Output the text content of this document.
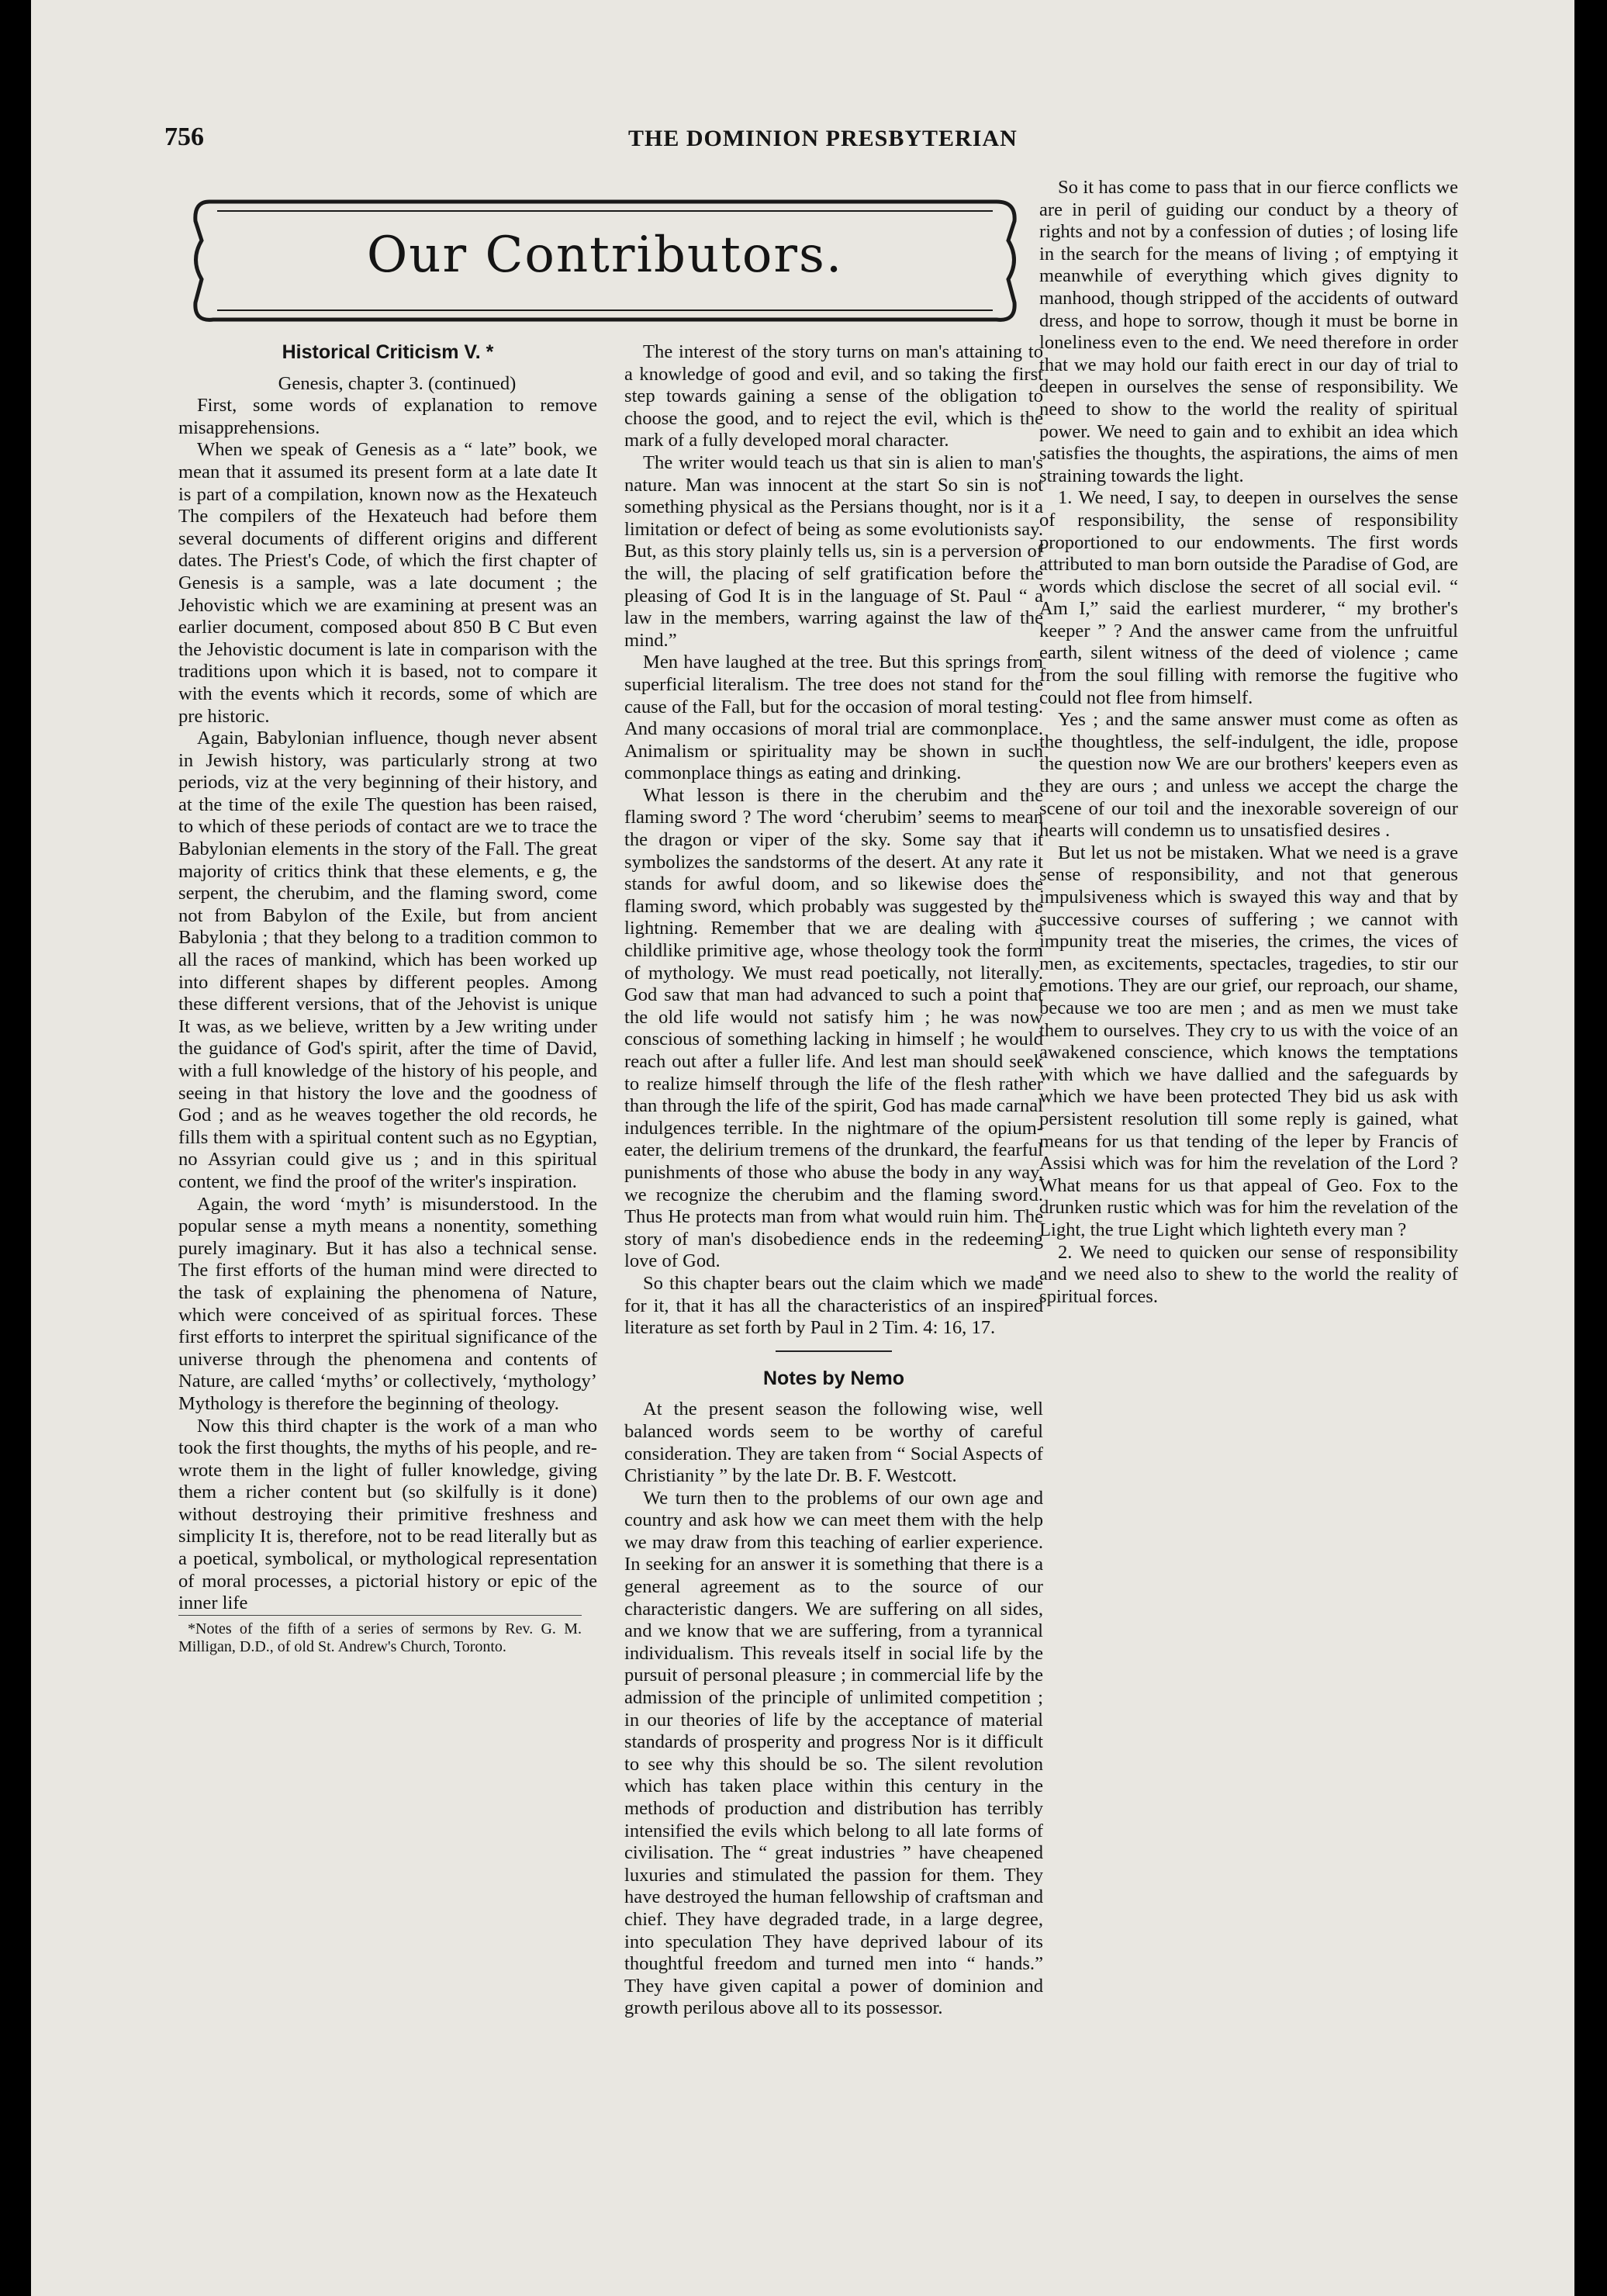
756	THE DOMINION PRESBYTERIAN
Our Contributors.
Historical Criticism V. *

Genesis, chapter 3. (continued)

First, some words of explanation to remove misapprehensions.

When we speak of Genesis as a “ late” book, we mean that it assumed its present form at a late date It is part of a compilation, known now as the Hexateuch The compilers of the Hexateuch had before them several documents of different origins and different dates. The Priest's Code, of which the first chapter of Genesis is a sample, was a late document ; the Jehovistic which we are examining at present was an earlier document, composed about 850 B C But even the Jehovistic document is late in comparison with the traditions upon which it is based, not to compare it with the events which it records, some of which are pre historic.

Again, Babylonian influence, though never absent in Jewish history, was particularly strong at two periods, viz at the very beginning of their history, and at the time of the exile The question has been raised, to which of these periods of contact are we to trace the Babylonian elements in the story of the Fall. The great majority of critics think that these elements, e g, the serpent, the cherubim, and the flaming sword, come not from Babylon of the Exile, but from ancient Babylonia ; that they belong to a tradition common to all the races of mankind, which has been worked up into different shapes by different peoples. Among these different versions, that of the Jehovist is unique It was, as we believe, written by a Jew writing under the guidance of God's spirit, after the time of David, with a full knowledge of the history of his people, and seeing in that history the love and the goodness of God ; and as he weaves together the old records, he fills them with a spiritual content such as no Egyptian, no Assyrian could give us ; and in this spiritual content, we find the proof of the writer's inspiration.

Again, the word ‘myth’ is misunderstood. In the popular sense a myth means a nonentity, something purely imaginary. But it has also a technical sense. The first efforts of the human mind were directed to the task of explaining the phenomena of Nature, which were conceived of as spiritual forces. These first efforts to interpret the spiritual significance of the universe through the phenomena and contents of Nature, are called ‘myths’ or collectively, ‘mythology’ Mythology is therefore the beginning of theology.

Now this third chapter is the work of a man who took the first thoughts, the myths of his people, and re-wrote them in the light of fuller knowledge, giving them a richer content but (so skilfully is it done) without destroying their primitive freshness and simplicity It is, therefore, not to be read literally but as a poetical, symbolical, or mythological representation of moral processes, a pictorial history or epic of the inner life

*Notes of the fifth of a series of sermons by Rev. G. M. Milligan, D.D., of old St. Andrew's Church, Toronto.

The interest of the story turns on man's attaining to a knowledge of good and evil, and so taking the first step towards gaining a sense of the obligation to choose the good, and to reject the evil, which is the mark of a fully developed moral character.

The writer would teach us that sin is alien to man's nature. Man was innocent at the start So sin is not something physical as the Persians thought, nor is it a limitation or defect of being as some evolutionists say. But, as this story plainly tells us, sin is a perversion of the will, the placing of self gratification before the pleasing of God It is in the language of St. Paul “ a law in the members, warring against the law of the mind.”

Men have laughed at the tree. But this springs from superficial literalism. The tree does not stand for the cause of the Fall, but for the occasion of moral testing. And many occasions of moral trial are commonplace. Animalism or spirituality may be shown in such commonplace things as eating and drinking.

What lesson is there in the cherubim and the flaming sword ? The word ‘cherubim’ seems to mean the dragon or viper of the sky. Some say that it symbolizes the sandstorms of the desert. At any rate it stands for awful doom, and so likewise does the flaming sword, which probably was suggested by the lightning. Remember that we are dealing with a childlike primitive age, whose theology took the form of mythology. We must read poetically, not literally. God saw that man had advanced to such a point that the old life would not satisfy him ; he was now conscious of something lacking in himself ; he would reach out after a fuller life. And lest man should seek to realize himself through the life of the flesh rather than through the life of the spirit, God has made carnal indulgences terrible. In the nightmare of the opium-eater, the delirium tremens of the drunkard, the fearful punishments of those who abuse the body in any way, we recognize the cherubim and the flaming sword. Thus He protects man from what would ruin him. The story of man's disobedience ends in the redeeming love of God.

So this chapter bears out the claim which we made for it, that it has all the characteristics of an inspired literature as set forth by Paul in 2 Tim. 4: 16, 17.

Notes by Nemo

At the present season the following wise, well balanced words seem to be worthy of careful consideration. They are taken from “ Social Aspects of Christianity ” by the late Dr. B. F. Westcott.

We turn then to the problems of our own age and country and ask how we can meet them with the help we may draw from this teaching of earlier experience. In seeking for an answer it is something that there is a general agreement as to the source of our characteristic dangers. We are suffering on all sides, and we know that we are suffering, from a tyrannical individualism. This reveals itself in social life by the pursuit of personal pleasure ; in commercial life by the admission of the principle of unlimited competition ; in our theories of life by the acceptance of material standards of prosperity and progress Nor is it difficult to see why this should be so. The silent revolution which has taken place within this century in the methods of production and distribution has terribly intensified the evils which belong to all late forms of civilisation. The “ great industries ” have cheapened luxuries and stimulated the passion for them. They have destroyed the human fellowship of craftsman and chief. They have degraded trade, in a large degree, into speculation They have deprived labour of its thoughtful freedom and turned men into “ hands.” They have given capital a power of dominion and growth perilous above all to its possessor.

So it has come to pass that in our fierce conflicts we are in peril of guiding our conduct by a theory of rights and not by a confession of duties ; of losing life in the search for the means of living ; of emptying it meanwhile of everything which gives dignity to manhood, though stripped of the accidents of outward dress, and hope to sorrow, though it must be borne in loneliness even to the end. We need therefore in order that we may hold our faith erect in our day of trial to deepen in ourselves the sense of responsibility. We need to show to the world the reality of spiritual power. We need to gain and to exhibit an idea which satisfies the thoughts, the aspirations, the aims of men straining towards the light.

1. We need, I say, to deepen in ourselves the sense of responsibility, the sense of responsibility proportioned to our endowments. The first words attributed to man born outside the Paradise of God, are words which disclose the secret of all social evil. “ Am I,” said the earliest murderer, “ my brother's keeper ” ? And the answer came from the unfruitful earth, silent witness of the deed of violence ; came from the soul filling with remorse the fugitive who could not flee from himself.

Yes ; and the same answer must come as often as the thoughtless, the self-indulgent, the idle, propose the question now We are our brothers' keepers even as they are ours ; and unless we accept the charge the scene of our toil and the inexorable sovereign of our hearts will condemn us to unsatisfied desires .

But let us not be mistaken. What we need is a grave sense of responsibility, and not that generous impulsiveness which is swayed this way and that by successive courses of suffering ; we cannot with impunity treat the miseries, the crimes, the vices of men, as excitements, spectacles, tragedies, to stir our emotions. They are our grief, our reproach, our shame, because we too are men ; and as men we must take them to ourselves. They cry to us with the voice of an awakened conscience, which knows the temptations with which we have dallied and the safeguards by which we have been protected They bid us ask with persistent resolution till some reply is gained, what means for us that tending of the leper by Francis of Assisi which was for him the revelation of the Lord ? What means for us that appeal of Geo. Fox to the drunken rustic which was for him the revelation of the Light, the true Light which lighteth every man ?

2. We need to quicken our sense of responsibility and we need also to shew to the world the reality of spiritual forces.
